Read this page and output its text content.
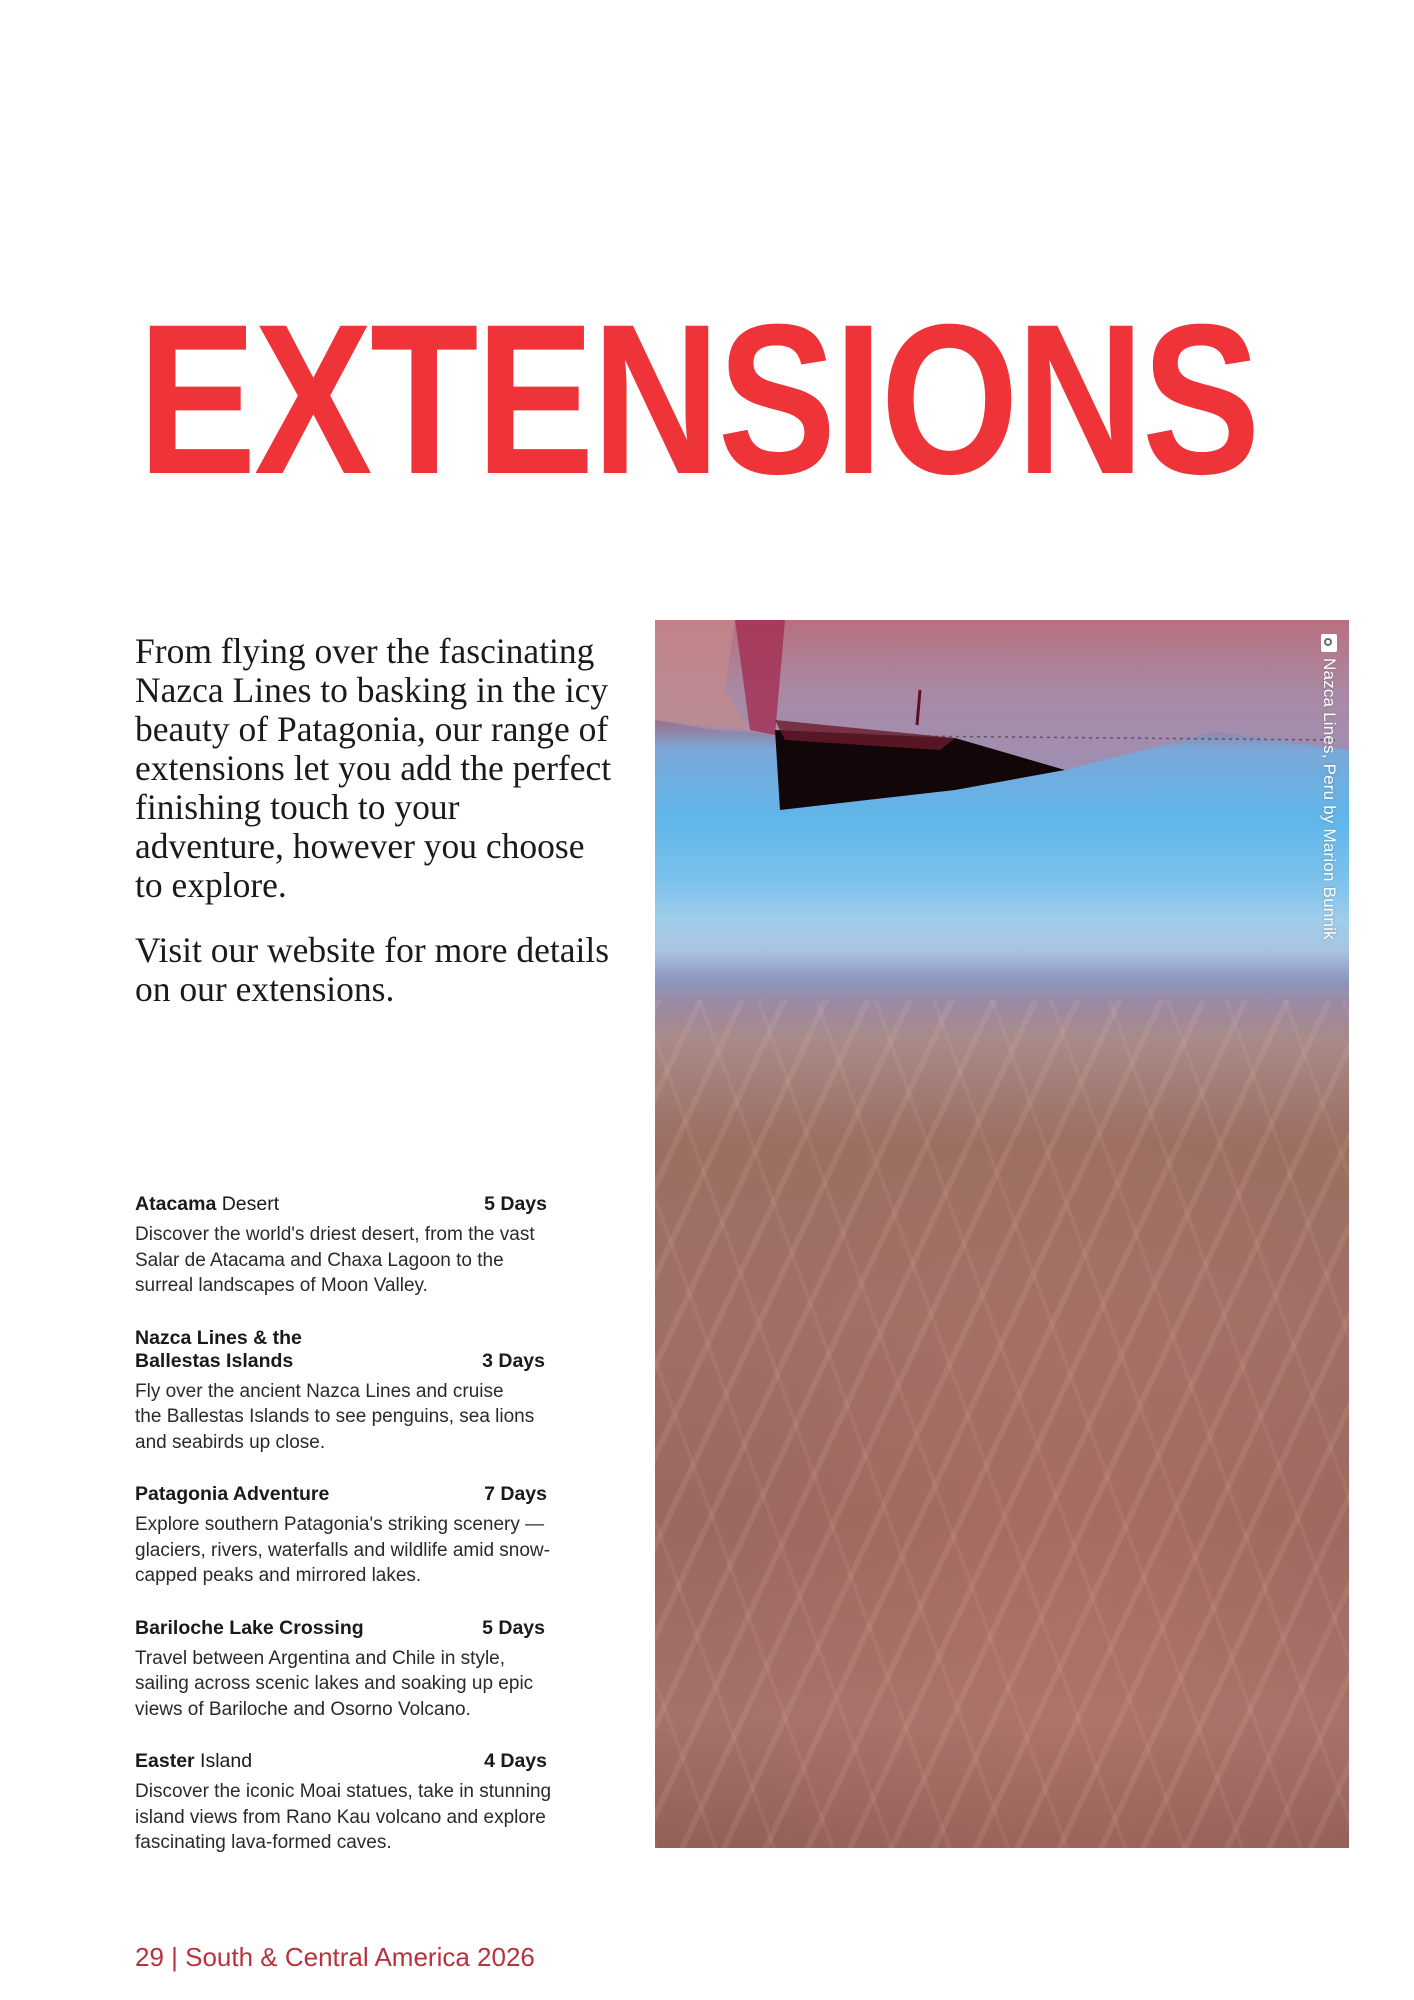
EXTENSIONS

From flying over the fascinating Nazca Lines to basking in the icy beauty of Patagonia, our range of extensions let you add the perfect finishing touch to your adventure, however you choose to explore.

Visit our website for more details on our extensions.

Atacama Desert	5 Days
Discover the world's driest desert, from the vast Salar de Atacama and Chaxa Lagoon to the surreal landscapes of Moon Valley.
Nazca Lines & the Ballestas Islands	3 Days
Fly over the ancient Nazca Lines and cruise the Ballestas Islands to see penguins, sea lions and seabirds up close.
Patagonia Adventure	7 Days
Explore southern Patagonia's striking scenery — glaciers, rivers, waterfalls and wildlife amid snow-capped peaks and mirrored lakes.
Bariloche Lake Crossing	5 Days
Travel between Argentina and Chile in style, sailing across scenic lakes and soaking up epic views of Bariloche and Osorno Volcano.
Easter Island	4 Days
Discover the iconic Moai statues, take in stunning island views from Rano Kau volcano and explore fascinating lava-formed caves.
Nazca Lines, Peru by Marion Bunnik
29 | South & Central America 2026
